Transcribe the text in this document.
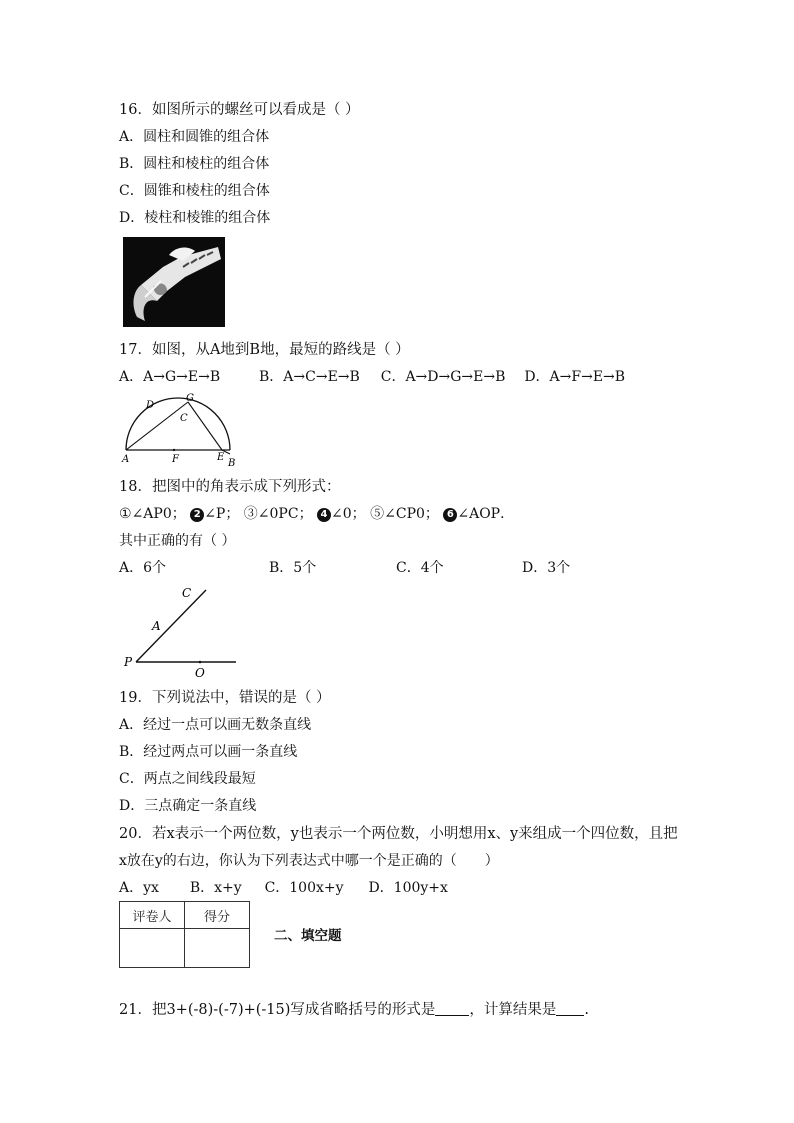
16．如图所示的螺丝可以看成是（ ）
A．圆柱和圆锥的组合体
B．圆柱和棱柱的组合体
C．圆锥和棱柱的组合体
D．棱柱和棱锥的组合体
17．如图，从A地到B地，最短的路线是（ ）
A．A→G→E→B	B．A→C→E→B C．A→D→G→E→B D．A→F→E→B
D
G
C
A	F	E
B
18．把图中的角表示成下列形式：
①∠AP0； 2 ∠P； ③∠0PC； 4 ∠0； ⑤∠CP0； 6 ∠AOP．
其中正确的有（ ）
A．6个	B．5个	C．4个	D．3个
C
A
P
O
19．下列说法中，错误的是（ ）
A．经过一点可以画无数条直线
B．经过两点可以画一条直线
C．两点之间线段最短
D．三点确定一条直线
20．若x表示一个两位数，y也表示一个两位数，小明想用x、y来组成一个四位数，且把
x放在y的右边，你认为下列表达式中哪一个是正确的（　　）
A．yx B．x+y C．100x+y D．100y+x
评卷人	得分

二、填空题
21．把3+(-8)-(-7)+(-15)写成省略括号的形式是 ，计算结果是 .
